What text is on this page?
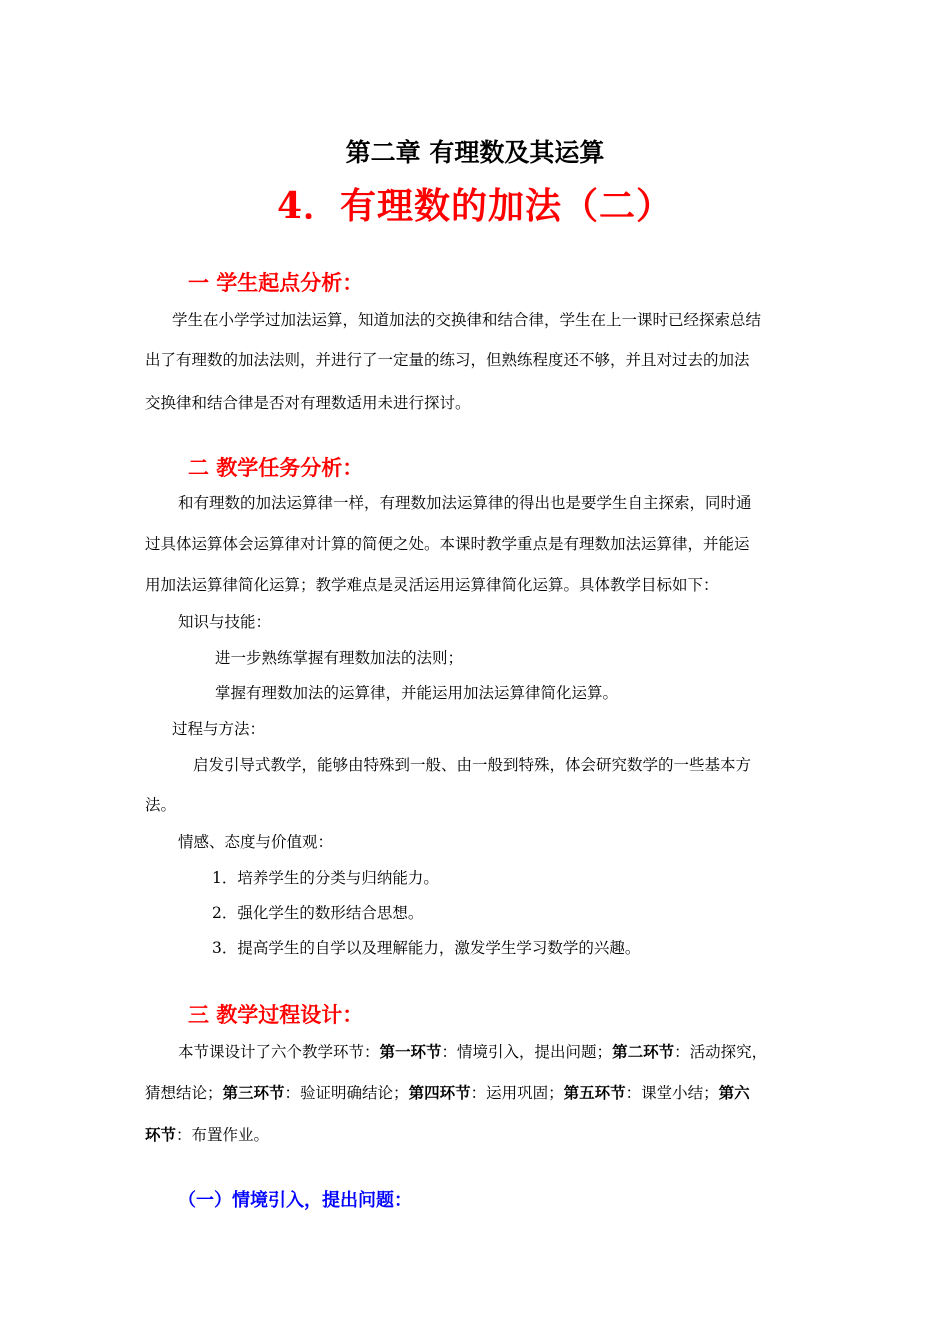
第二章 有理数及其运算
4．有理数的加法（二）
一 学生起点分析：
学生在小学学过加法运算，知道加法的交换律和结合律，学生在上一课时已经探索总结
出了有理数的加法法则，并进行了一定量的练习，但熟练程度还不够，并且对过去的加法
交换律和结合律是否对有理数适用未进行探讨。
二 教学任务分析：
和有理数的加法运算律一样，有理数加法运算律的得出也是要学生自主探索，同时通
过具体运算体会运算律对计算的简便之处。本课时教学重点是有理数加法运算律，并能运
用加法运算律简化运算；教学难点是灵活运用运算律简化运算。具体教学目标如下：
知识与技能：
进一步熟练掌握有理数加法的法则；
掌握有理数加法的运算律，并能运用加法运算律简化运算。
过程与方法：
启发引导式教学，能够由特殊到一般、由一般到特殊，体会研究数学的一些基本方
法。
情感、态度与价值观：
1．培养学生的分类与归纳能力。
2．强化学生的数形结合思想。
3．提高学生的自学以及理解能力，激发学生学习数学的兴趣。
三 教学过程设计：
本节课设计了六个教学环节：第一环节：情境引入，提出问题；第二环节：活动探究，
猜想结论；第三环节：验证明确结论；第四环节：运用巩固；第五环节：课堂小结；第六
环节：布置作业。
（一）情境引入，提出问题：
